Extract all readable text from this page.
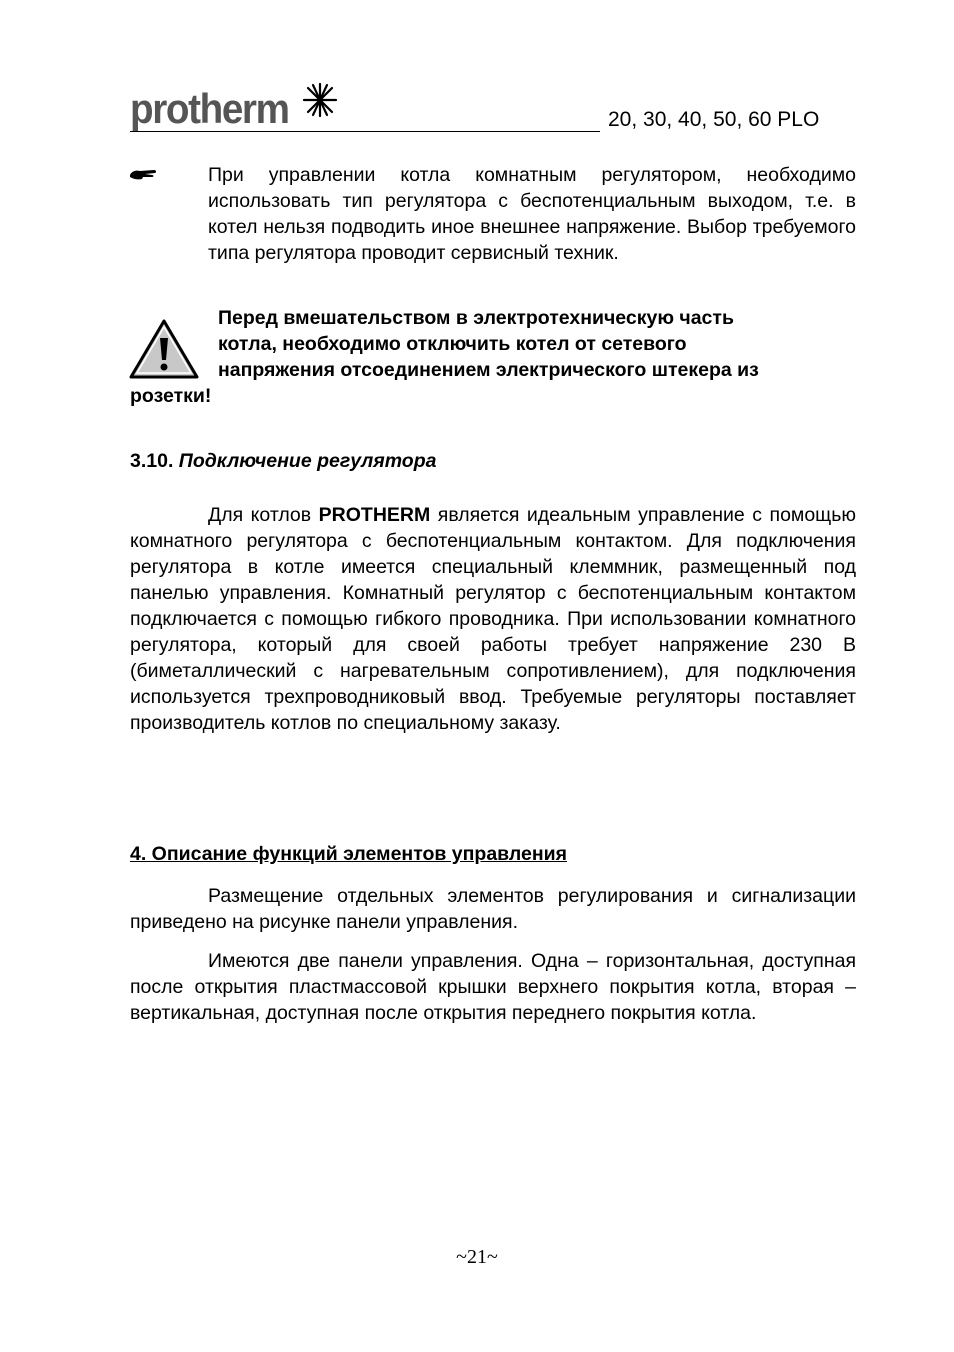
protherm	20, 30, 40, 50, 60 PLO
При управлении котла комнатным регулятором, необходимо использовать тип регулятора с беспотенциальным выходом, т.е. в котел нельзя подводить иное внешнее напряжение. Выбор требуемого типа регулятора проводит сервисный техник.
Перед вмешательством в электротехническую часть
котла, необходимо отключить котел от сетевого
напряжения отсоединением электрического штекера из
розетки!
3.10. Подключение регулятора
Для котлов PROTHERM является идеальным управление с помощью комнатного регулятора с беспотенциальным контактом. Для подключения регулятора в котле имеется специальный клеммник, размещенный под панелью управления. Комнатный регулятор с беспотенциальным контактом подключается с помощью гибкого проводника. При использовании комнатного регулятора, который для своей работы требует напряжение 230 В (биметаллический с нагревательным сопротивлением), для подключения используется трехпроводниковый ввод. Требуемые регуляторы поставляет производитель котлов по специальному заказу.
4. Описание функций элементов управления
Размещение отдельных элементов регулирования и сигнализации приведено на рисунке панели управления.
Имеются две панели управления. Одна – горизонтальная, доступная после открытия пластмассовой крышки верхнего покрытия котла, вторая – вертикальная, доступная после открытия переднего покрытия котла.
~21~
